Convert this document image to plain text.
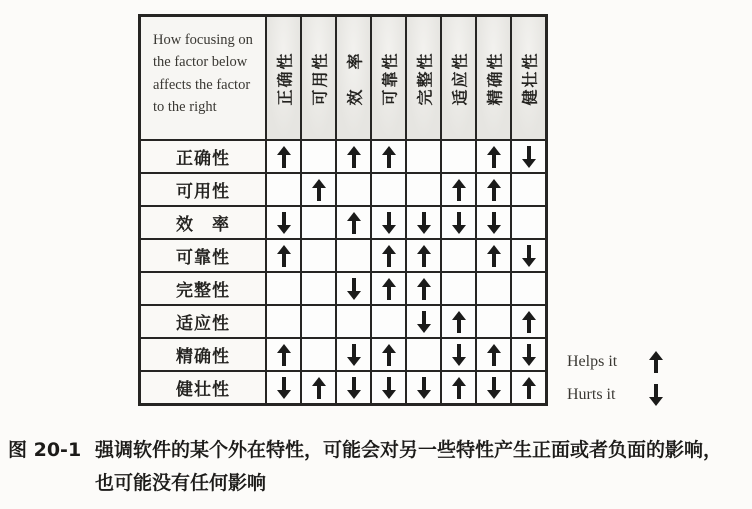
How focusing on the factor below affects the factor to the right
正确性 可用性 效　率 可靠性 完整性 适应性 精确性 健壮性
正确性
可用性
效　率
可靠性
完整性
适应性
精确性
健壮性
Helps it
Hurts it
图 20-1 强调软件的某个外在特性，可能会对另一些特性产生正面或者负面的影响，
也可能没有任何影响
